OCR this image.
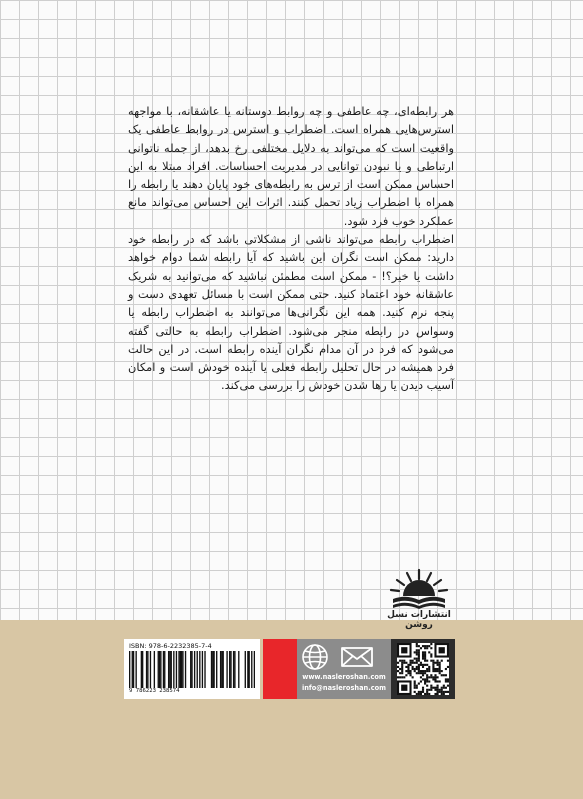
هر رابطه‌ای، چه عاطفی و چه روابط دوستانه یا عاشقانه، با مواجهه استرس‌هایی همراه است. اضطراب و استرس در روابط عاطفی یک واقعیت است که می‌تواند به دلایل مختلفی رخ بدهد، از جمله ناتوانی ارتباطی و یا نبودن توانایی در مدیریت احساسات. افراد مبتلا به این احساس ممکن است از ترس به رابطه‌های خود پایان دهند یا رابطه را همراه با اضطراب زیاد تحمل کنند. اثرات این احساس می‌تواند مانع عملکرد خوب فرد شود.

اضطراب رابطه می‌تواند ناشی از مشکلاتی باشد که در رابطه خود دارید: ممکن است نگران این باشید که آیا رابطه شما دوام خواهد داشت یا خیر؟! - ممکن است مطمئن نباشید که می‌توانید به شریک عاشقانه خود اعتماد کنید. حتی ممکن است با مسائل تعهدی دست و پنجه نرم کنید. همه این نگرانی‌ها می‌توانند به اضطراب رابطه یا وسواس در رابطه منجر می‌شود. اضطراب رابطه به حالتی گفته می‌شود که فرد در آن مدام نگران آینده رابطه است. در این حالت فرد همیشه در حال تحلیل رابطه فعلی یا آینده خودش است و امکان آسیب دیدن یا رها شدن خودش را بررسی می‌کند.

انتشارات نسل روشن
ISBN: 978-6-2232385-7-4
9 786223 238574
www.nasleroshan.com
info@nasleroshan.com
